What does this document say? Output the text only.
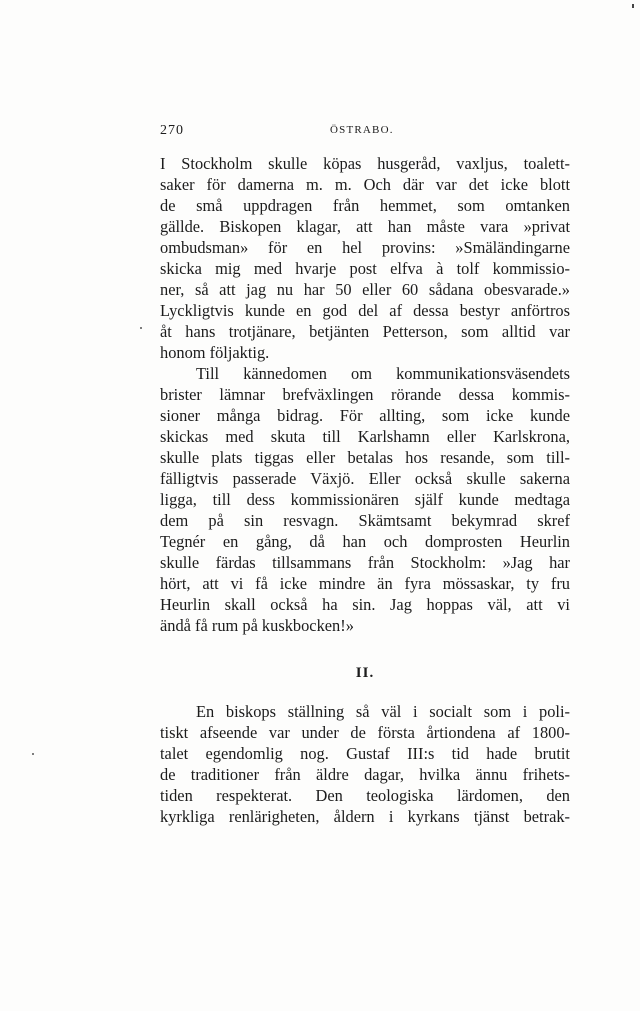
270	ÖSTRABO.
I Stockholm skulle köpas husgeråd, vaxljus, toalett-
saker för damerna m. m. Och där var det icke blott
de små uppdragen från hemmet, som omtanken
gällde. Biskopen klagar, att han måste vara »privat
ombudsman» för en hel provins: »Smäländingarne
skicka mig med hvarje post elfva à tolf kommissio-
ner, så att jag nu har 50 eller 60 sådana obesvarade.»
Lyckligtvis kunde en god del af dessa bestyr anförtros
åt hans trotjänare, betjänten Petterson, som alltid var
honom följaktig.
Till kännedomen om kommunikationsväsendets
brister lämnar brefväxlingen rörande dessa kommis-
sioner många bidrag. För allting, som icke kunde
skickas med skuta till Karlshamn eller Karlskrona,
skulle plats tiggas eller betalas hos resande, som till-
fälligtvis passerade Växjö. Eller också skulle sakerna
ligga, till dess kommissionären själf kunde medtaga
dem på sin resvagn. Skämtsamt bekymrad skref
Tegnér en gång, då han och domprosten Heurlin
skulle färdas tillsammans från Stockholm: »Jag har
hört, att vi få icke mindre än fyra mössaskar, ty fru
Heurlin skall också ha sin. Jag hoppas väl, att vi
ändå få rum på kuskbocken!»
II.
En biskops ställning så väl i socialt som i poli-
tiskt afseende var under de första årtiondena af 1800-
talet egendomlig nog. Gustaf III:s tid hade brutit
de traditioner från äldre dagar, hvilka ännu frihets-
tiden respekterat. Den teologiska lärdomen, den
kyrkliga renlärigheten, åldern i kyrkans tjänst betrak-
